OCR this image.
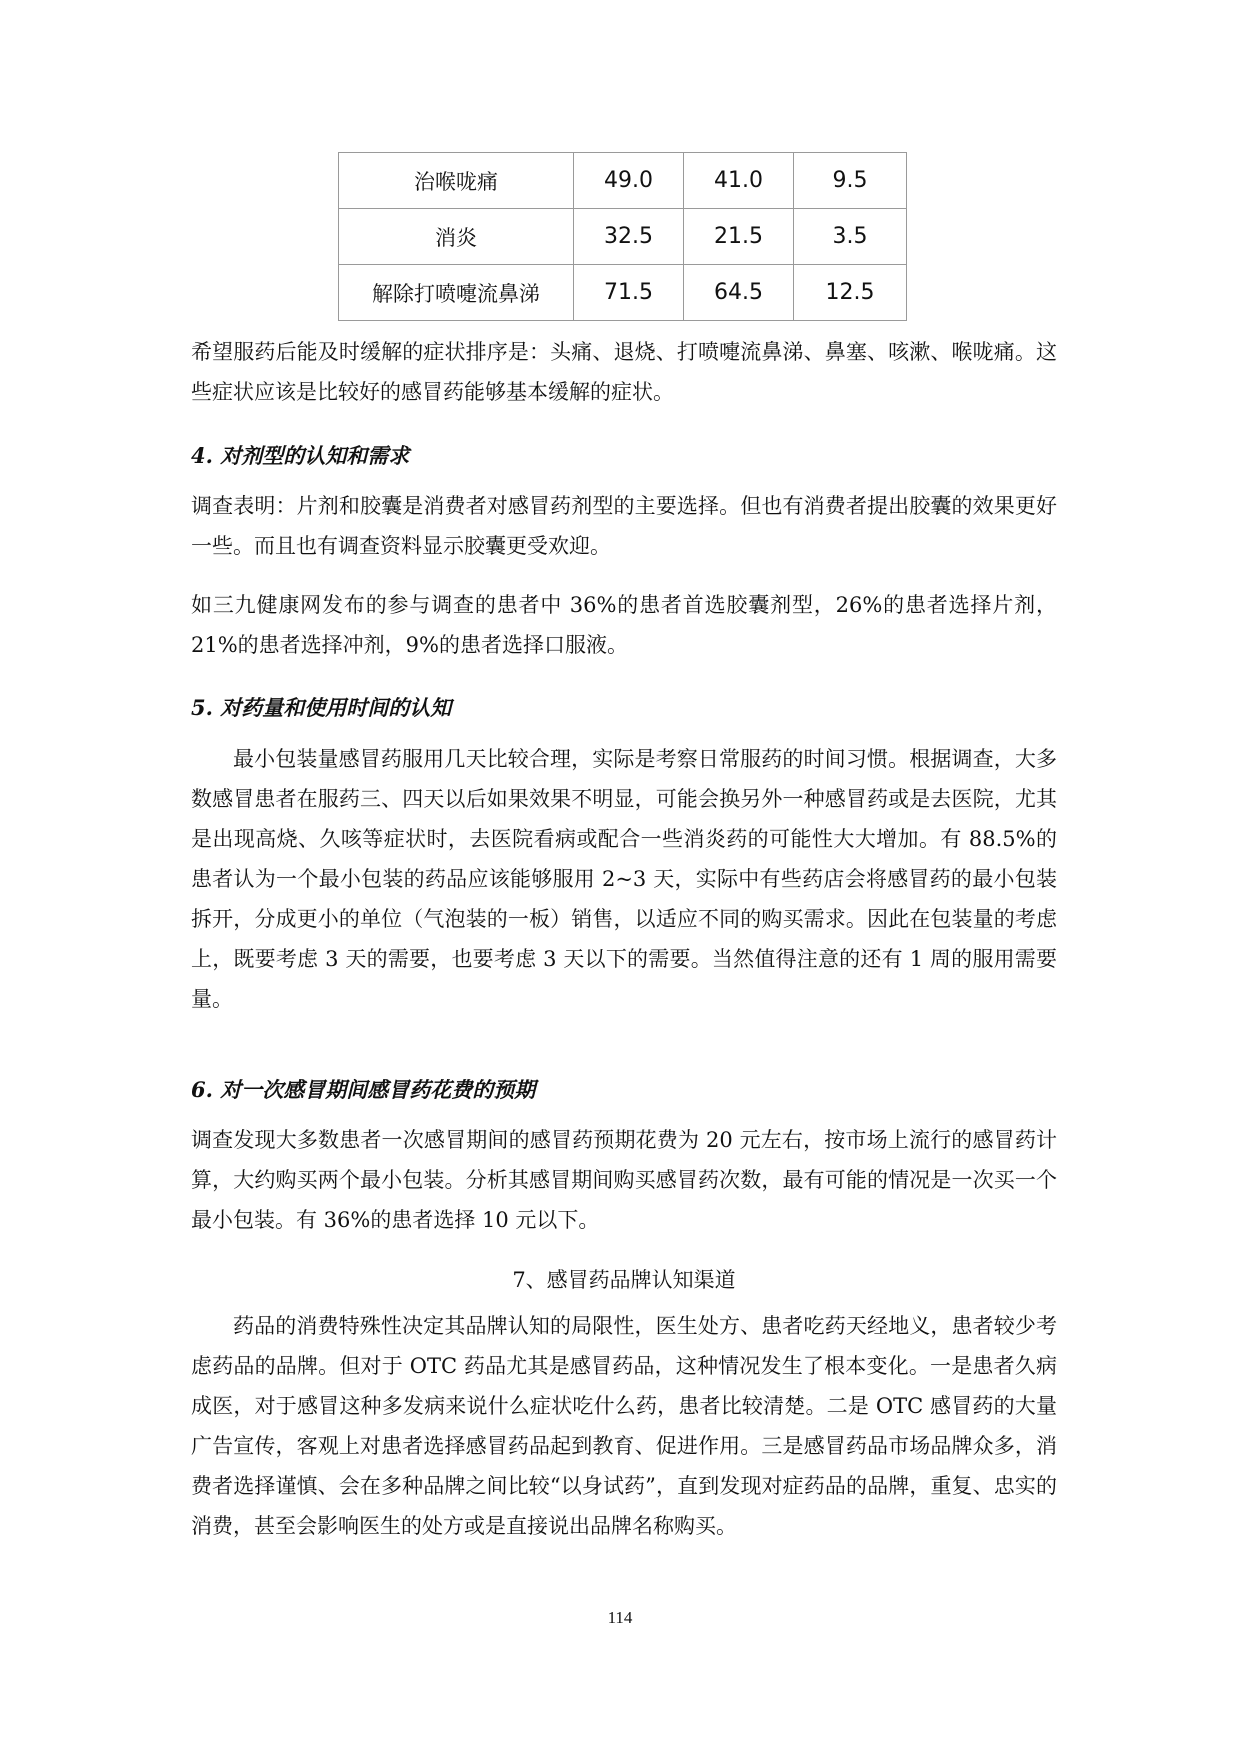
治喉咙痛	49.0	41.0	9.5
消炎	32.5	21.5	3.5
解除打喷嚏流鼻涕	71.5	64.5	12.5

希望服药后能及时缓解的症状排序是：头痛、退烧、打喷嚏流鼻涕、鼻塞、咳漱、喉咙痛。这些症状应该是比较好的感冒药能够基本缓解的症状。

4. 对剂型的认知和需求

调查表明：片剂和胶囊是消费者对感冒药剂型的主要选择。但也有消费者提出胶囊的效果更好一些。而且也有调查资料显示胶囊更受欢迎。

如三九健康网发布的参与调查的患者中 36%的患者首选胶囊剂型，26%的患者选择片剂，21%的患者选择冲剂，9%的患者选择口服液。

5. 对药量和使用时间的认知

最小包装量感冒药服用几天比较合理，实际是考察日常服药的时间习惯。根据调查，大多数感冒患者在服药三、四天以后如果效果不明显，可能会换另外一种感冒药或是去医院，尤其是出现高烧、久咳等症状时，去医院看病或配合一些消炎药的可能性大大增加。有 88.5%的患者认为一个最小包装的药品应该能够服用 2~3 天，实际中有些药店会将感冒药的最小包装拆开，分成更小的单位（气泡装的一板）销售，以适应不同的购买需求。因此在包装量的考虑上，既要考虑 3 天的需要，也要考虑 3 天以下的需要。当然值得注意的还有 1 周的服用需要量。

6. 对一次感冒期间感冒药花费的预期

调查发现大多数患者一次感冒期间的感冒药预期花费为 20 元左右，按市场上流行的感冒药计算，大约购买两个最小包装。分析其感冒期间购买感冒药次数，最有可能的情况是一次买一个最小包装。有 36%的患者选择 10 元以下。

7、感冒药品牌认知渠道

药品的消费特殊性决定其品牌认知的局限性，医生处方、患者吃药天经地义，患者较少考虑药品的品牌。但对于 OTC 药品尤其是感冒药品，这种情况发生了根本变化。一是患者久病成医，对于感冒这种多发病来说什么症状吃什么药，患者比较清楚。二是 OTC 感冒药的大量广告宣传，客观上对患者选择感冒药品起到教育、促进作用。三是感冒药品市场品牌众多，消费者选择谨慎、会在多种品牌之间比较“以身试药”，直到发现对症药品的品牌，重复、忠实的消费，甚至会影响医生的处方或是直接说出品牌名称购买。

114
